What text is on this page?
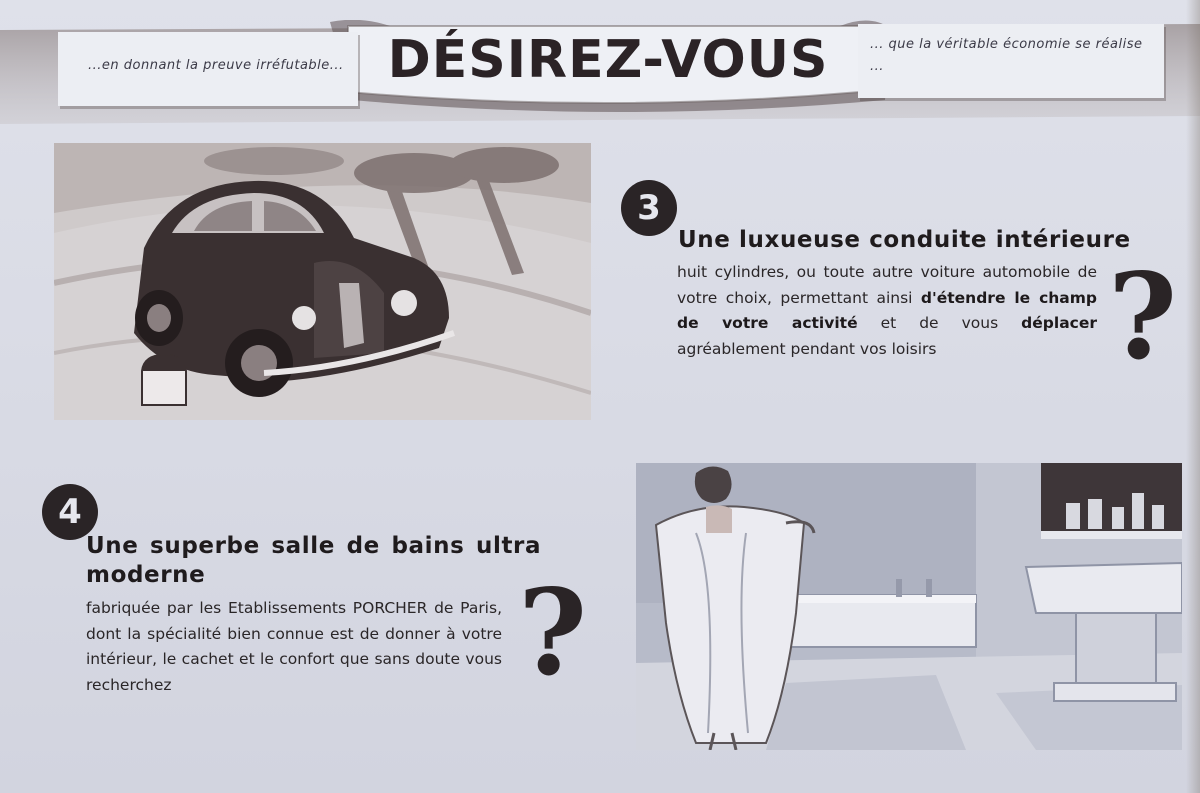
...en donnant la preuve irréfutable...
... que la véritable économie se réalise ...
DÉSIREZ-VOUS
3
Une luxueuse conduite intérieure
huit cylindres, ou toute autre voiture automobile de votre choix, permettant ainsi d'étendre le champ de votre activité et de vous déplacer agréablement pendant vos loisirs	?
4
Une superbe salle de bains ultra moderne
fabriquée par les Etablissements PORCHER de Paris, dont la spécialité bien connue est de donner à votre intérieur, le cachet et le confort que sans doute vous recherchez	?
